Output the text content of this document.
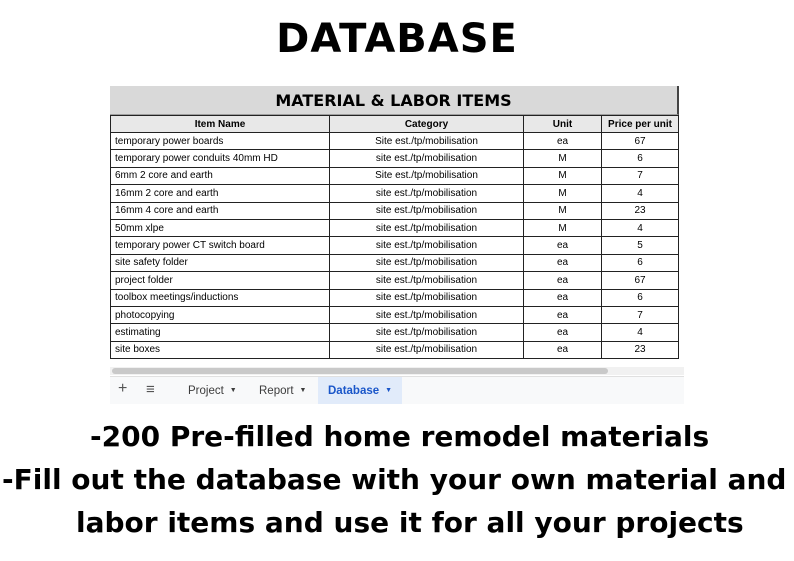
DATABASE
MATERIAL & LABOR ITEMS
Item Name	Category	Unit	Price per unit
temporary power boards	Site est./tp/mobilisation	ea	67
temporary power conduits 40mm HD	site est./tp/mobilisation	M	6
6mm 2 core and earth	Site est./tp/mobilisation	M	7
16mm 2 core and earth	site est./tp/mobilisation	M	4
16mm 4 core and earth	site est./tp/mobilisation	M	23
50mm xlpe	site est./tp/mobilisation	M	4
temporary power CT switch board	site est./tp/mobilisation	ea	5
site safety folder	site est./tp/mobilisation	ea	6
project folder	site est./tp/mobilisation	ea	67
toolbox meetings/inductions	site est./tp/mobilisation	ea	6
photocopying	site est./tp/mobilisation	ea	7
estimating	site est./tp/mobilisation	ea	4
site boxes	site est./tp/mobilisation	ea	23
+ ≡	Project ▼	Report ▼	Database ▼
-200 Pre-filled home remodel materials
-Fill out the database with your own material and
labor items and use it for all your projects
